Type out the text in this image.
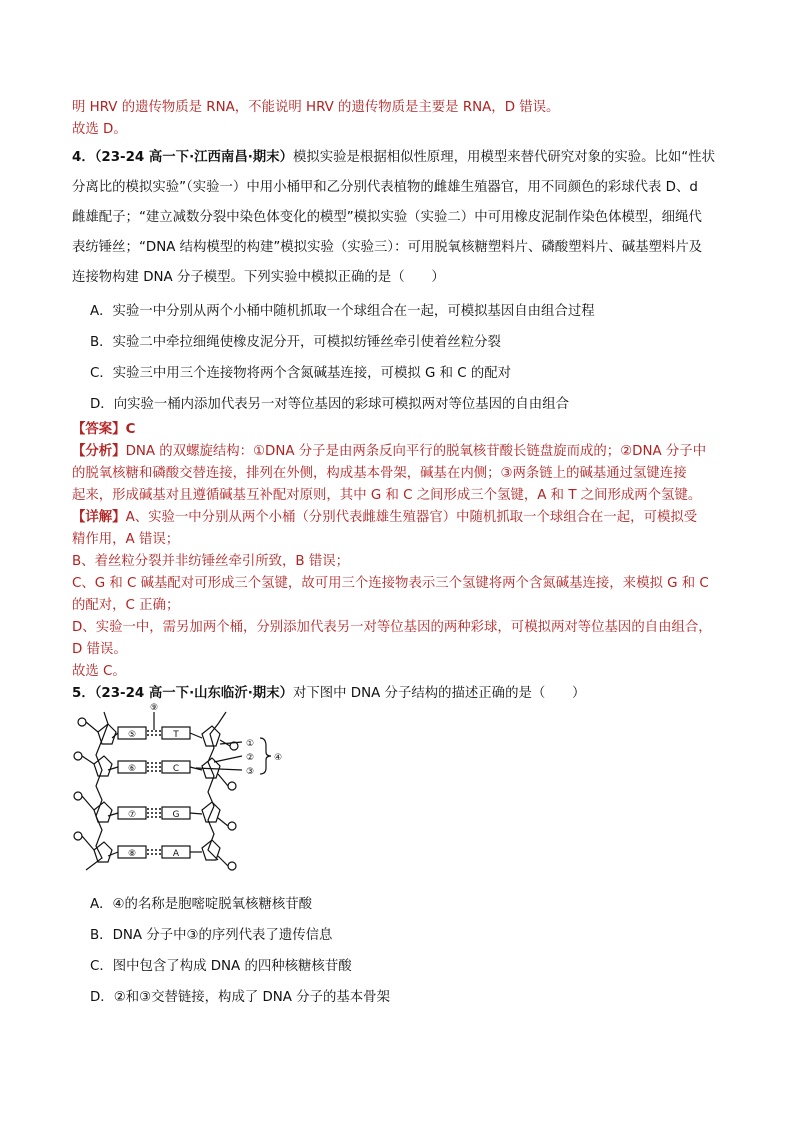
明 HRV 的遗传物质是 RNA，不能说明 HRV 的遗传物质是主要是 RNA，D 错误。
故选 D。
4．（23-24 高一下·江西南昌·期末）模拟实验是根据相似性原理，用模型来替代研究对象的实验。比如“性状
分离比的模拟实验”（实验一）中用小桶甲和乙分别代表植物的雌雄生殖器官，用不同颜色的彩球代表 D、d
雌雄配子；“建立减数分裂中染色体变化的模型”模拟实验（实验二）中可用橡皮泥制作染色体模型，细绳代
表纺锤丝；“DNA 结构模型的构建”模拟实验（实验三）：可用脱氧核糖塑料片、磷酸塑料片、碱基塑料片及
连接物构建 DNA 分子模型。下列实验中模拟正确的是（　　）
A．实验一中分别从两个小桶中随机抓取一个球组合在一起，可模拟基因自由组合过程
B．实验二中牵拉细绳使橡皮泥分开，可模拟纺锤丝牵引使着丝粒分裂
C．实验三中用三个连接物将两个含氮碱基连接，可模拟 G 和 C 的配对
D．向实验一桶内添加代表另一对等位基因的彩球可模拟两对等位基因的自由组合
【答案】C
【分析】DNA 的双螺旋结构：①DNA 分子是由两条反向平行的脱氧核苷酸长链盘旋而成的；②DNA 分子中
的脱氧核糖和磷酸交替连接，排列在外侧，构成基本骨架，碱基在内侧；③两条链上的碱基通过氢键连接
起来，形成碱基对且遵循碱基互补配对原则，其中 G 和 C 之间形成三个氢键，A 和 T 之间形成两个氢键。
【详解】A、实验一中分别从两个小桶（分别代表雌雄生殖器官）中随机抓取一个球组合在一起，可模拟受
精作用，A 错误；
B、着丝粒分裂并非纺锤丝牵引所致，B 错误；
C、G 和 C 碱基配对可形成三个氢键，故可用三个连接物表示三个氢键将两个含氮碱基连接，来模拟 G 和 C
的配对，C 正确；
D、实验一中，需另加两个桶，分别添加代表另一对等位基因的两种彩球，可模拟两对等位基因的自由组合，
D 错误。
故选 C。
5．（23-24 高一下·山东临沂·期末）对下图中 DNA 分子结构的描述正确的是（　　）
⑤
⑥
⑦
⑧
T
C
G
A
⑨
①
②
③
④
A．④的名称是胞嘧啶脱氧核糖核苷酸
B．DNA 分子中③的序列代表了遗传信息
C．图中包含了构成 DNA 的四种核糖核苷酸
D．②和③交替链接，构成了 DNA 分子的基本骨架
